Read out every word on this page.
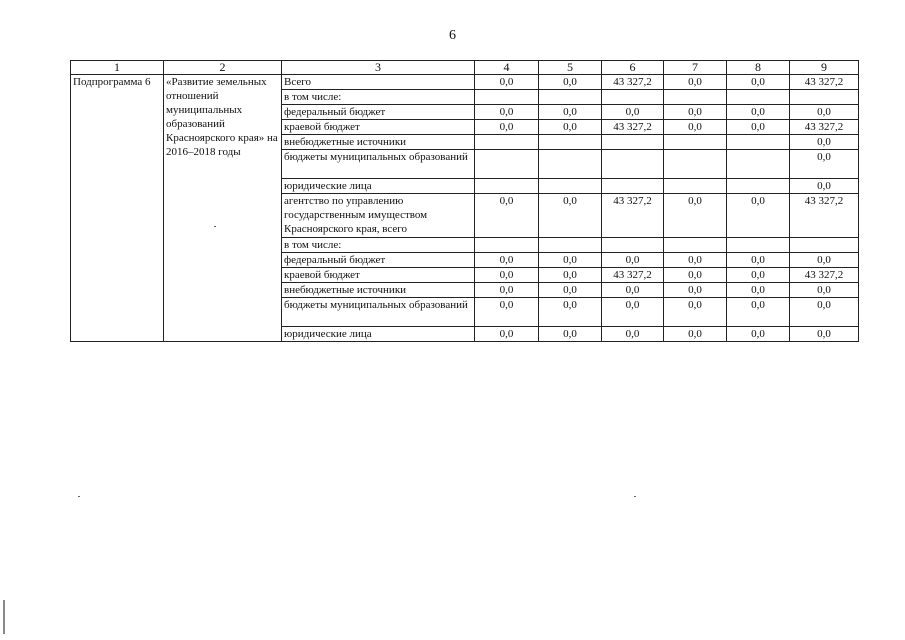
6
1	2	3	4	5	6	7	8	9
Подпрограмма 6	«Развитие земельных отношений муниципальных образований Красноярского края» на 2016–2018 годы	Всего	0,0	0,0	43 327,2	0,0	0,0	43 327,2
		в том числе:						
		федеральный бюджет	0,0	0,0	0,0	0,0	0,0	0,0
		краевой бюджет	0,0	0,0	43 327,2	0,0	0,0	43 327,2
		внебюджетные источники						0,0
		бюджеты муниципальных образований						0,0
		юридические лица						0,0
		агентство по управлению государственным имуществом Красноярского края, всего	0,0	0,0	43 327,2	0,0	0,0	43 327,2
		в том числе:						
		федеральный бюджет	0,0	0,0	0,0	0,0	0,0	0,0
		краевой бюджет	0,0	0,0	43 327,2	0,0	0,0	43 327,2
		внебюджетные источники	0,0	0,0	0,0	0,0	0,0	0,0
		бюджеты муниципальных образований	0,0	0,0	0,0	0,0	0,0	0,0
		юридические лица	0,0	0,0	0,0	0,0	0,0	0,0
